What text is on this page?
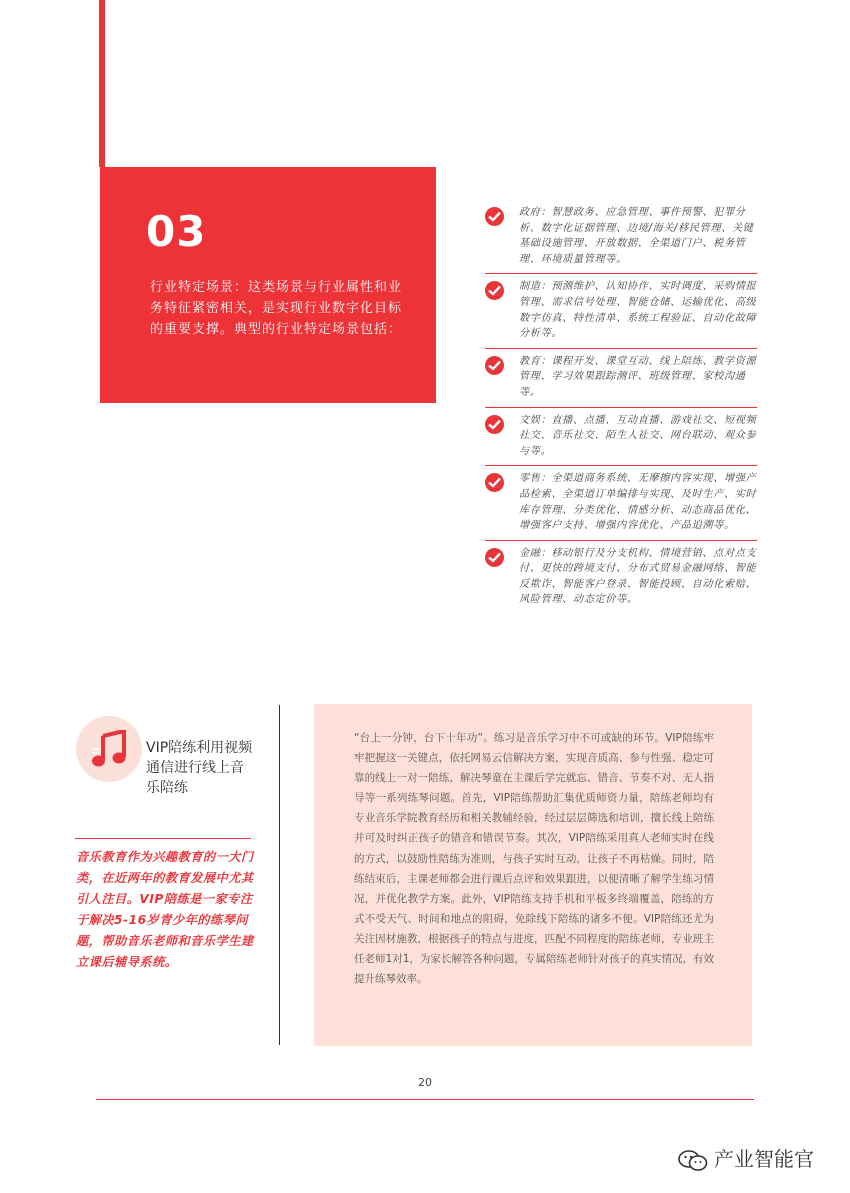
03
行业特定场景：这类场景与行业属性和业务特征紧密相关，是实现行业数字化目标的重要支撑。典型的行业特定场景包括：
政府：智慧政务、应急管理、事件预警、犯罪分析、数字化证据管理、边境/海关/移民管理、关键基础设施管理、开放数据、全渠道门户、税务管理、环境质量管理等。
制造：预测维护、认知协作、实时调度、采购情报管理、需求信号处理、智能仓储、运输优化、高级数字仿真、特性清单、系统工程验证、自动化故障分析等。
教育：课程开发、课堂互动、线上陪练、教学资源管理、学习效果跟踪测评、班级管理、家校沟通等。
文娱：直播、点播、互动直播、游戏社交、短视频社交、音乐社交、陌生人社交、网台联动、观众参与等。
零售：全渠道商务系统、无摩擦内容实现、增强产品检索、全渠道订单编排与实现、及时生产、实时库存管理、分类优化、情感分析、动态商品优化、增强客户支持、增强内容优化、产品追溯等。
金融：移动银行及分支机构、情境营销、点对点支付、更快的跨境支付、分布式贸易金融网络、智能反欺诈、智能客户登录、智能投顾、自动化索赔、风险管理、动态定价等。
VIP陪练利用视频通信进行线上音乐陪练
音乐教育作为兴趣教育的一大门类，在近两年的教育发展中尤其引人注目。VIP陪练是一家专注于解决5-16岁青少年的练琴问题，帮助音乐老师和音乐学生建立课后辅导系统。

“台上一分钟，台下十年功”。练习是音乐学习中不可或缺的环节。VIP陪练牢牢把握这一关键点，依托网易云信解决方案，实现音质高、参与性强、稳定可靠的线上一对一陪练，解决琴童在主课后学完就忘、错音、节奏不对、无人指导等一系列练琴问题。首先，VIP陪练帮助汇集优质师资力量，陪练老师均有专业音乐学院教育经历和相关教辅经验，经过层层筛选和培训，擅长线上陪练并可及时纠正孩子的错音和错误节奏。其次，VIP陪练采用真人老师实时在线的方式，以鼓励性陪练为准则，与孩子实时互动，让孩子不再枯燥。同时，陪练结束后，主课老师都会进行课后点评和效果跟进，以便清晰了解学生练习情况，并优化教学方案。此外，VIP陪练支持手机和平板多终端覆盖，陪练的方式不受天气、时间和地点的阻碍，免除线下陪练的诸多不便。VIP陪练还尤为关注因材施教，根据孩子的特点与进度，匹配不同程度的陪练老师，专业班主任老师1对1，为家长解答各种问题，专属陪练老师针对孩子的真实情况，有效提升练琴效率。

20
产业智能官
